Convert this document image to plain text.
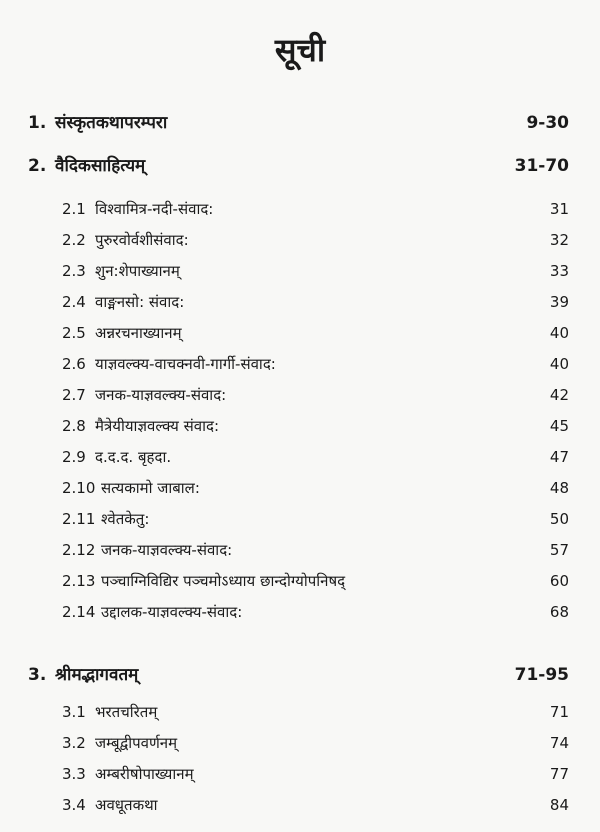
सूची
1. संस्कृतकथापरम्परा	9-30
2. वैदिकसाहित्यम्	31-70
2.1 विश्वामित्र-नदी-संवाद:	31
2.2 पुरुरवोर्वशीसंवाद:	32
2.3 शुन:शेपाख्यानम्	33
2.4 वाङ्मनसो: संवाद:	39
2.5 अन्नरचनाख्यानम्	40
2.6 याज्ञवल्क्य-वाचक्नवी-गार्गी-संवाद:	40
2.7 जनक-याज्ञवल्क्य-संवाद:	42
2.8 मैत्रेयीयाज्ञवल्क्य संवाद:	45
2.9 द.द.द. बृहदा.	47
2.10 सत्यकामो जाबाल:	48
2.11 श्वेतकेतु:	50
2.12 जनक-याज्ञवल्क्य-संवाद:	57
2.13 पञ्चाग्निविद्यिर पञ्चमोऽध्याय छान्दोग्योपनिषद्	60
2.14 उद्दालक-याज्ञवल्क्य-संवाद:	68
3. श्रीमद्भागवतम्	71-95
3.1 भरतचरितम्	71
3.2 जम्बूद्वीपवर्णनम्	74
3.3 अम्बरीषोपाख्यानम्	77
3.4 अवधूतकथा	84
